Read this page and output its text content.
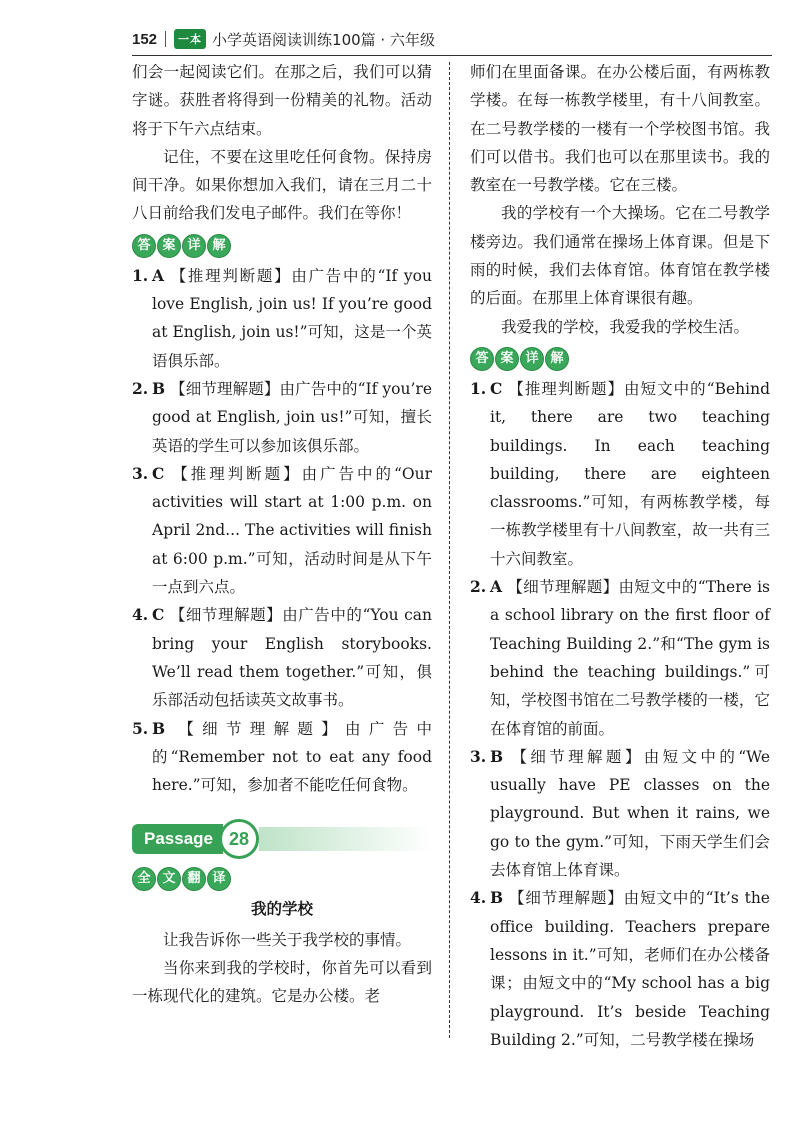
152	一本 小学英语阅读训练100篇 · 六年级

们会一起阅读它们。在那之后，我们可以猜字谜。获胜者将得到一份精美的礼物。活动将于下午六点结束。

记住，不要在这里吃任何食物。保持房间干净。如果你想加入我们，请在三月二十八日前给我们发电子邮件。我们在等你！

答 案 详 解
1. A 【推理判断题】由广告中的“If you love English, join us! If you’re good at English, join us!”可知，这是一个英语俱乐部。
2. B 【细节理解题】由广告中的“If you’re good at English, join us!”可知，擅长英语的学生可以参加该俱乐部。
3. C 【推理判断题】由广告中的“Our activities will start at 1:00 p.m. on April 2nd... The activities will finish at 6:00 p.m.”可知，活动时间是从下午一点到六点。
4. C 【细节理解题】由广告中的“You can bring your English storybooks. We’ll read them together.”可知，俱乐部活动包括读英文故事书。
5. B 【细节理解题】由广告中的“Remember not to eat any food here.”可知，参加者不能吃任何食物。
Passage 28
全 文 翻 译

我的学校

让我告诉你一些关于我学校的事情。

当你来到我的学校时，你首先可以看到一栋现代化的建筑。它是办公楼。老

师们在里面备课。在办公楼后面，有两栋教学楼。在每一栋教学楼里，有十八间教室。在二号教学楼的一楼有一个学校图书馆。我们可以借书。我们也可以在那里读书。我的教室在一号教学楼。它在三楼。

我的学校有一个大操场。它在二号教学楼旁边。我们通常在操场上体育课。但是下雨的时候，我们去体育馆。体育馆在教学楼的后面。在那里上体育课很有趣。

我爱我的学校，我爱我的学校生活。

答 案 详 解
1. C 【推理判断题】由短文中的“Behind it, there are two teaching buildings. In each teaching building, there are eighteen classrooms.”可知，有两栋教学楼，每一栋教学楼里有十八间教室，故一共有三十六间教室。
2. A 【细节理解题】由短文中的“There is a school library on the first floor of Teaching Building 2.”和“The gym is behind the teaching buildings.”可知，学校图书馆在二号教学楼的一楼，它在体育馆的前面。
3. B 【细节理解题】由短文中的“We usually have PE classes on the playground. But when it rains, we go to the gym.”可知，下雨天学生们会去体育馆上体育课。
4. B 【细节理解题】由短文中的“It’s the office building. Teachers prepare lessons in it.”可知，老师们在办公楼备课；由短文中的“My school has a big playground. It’s beside Teaching Building 2.”可知，二号教学楼在操场
